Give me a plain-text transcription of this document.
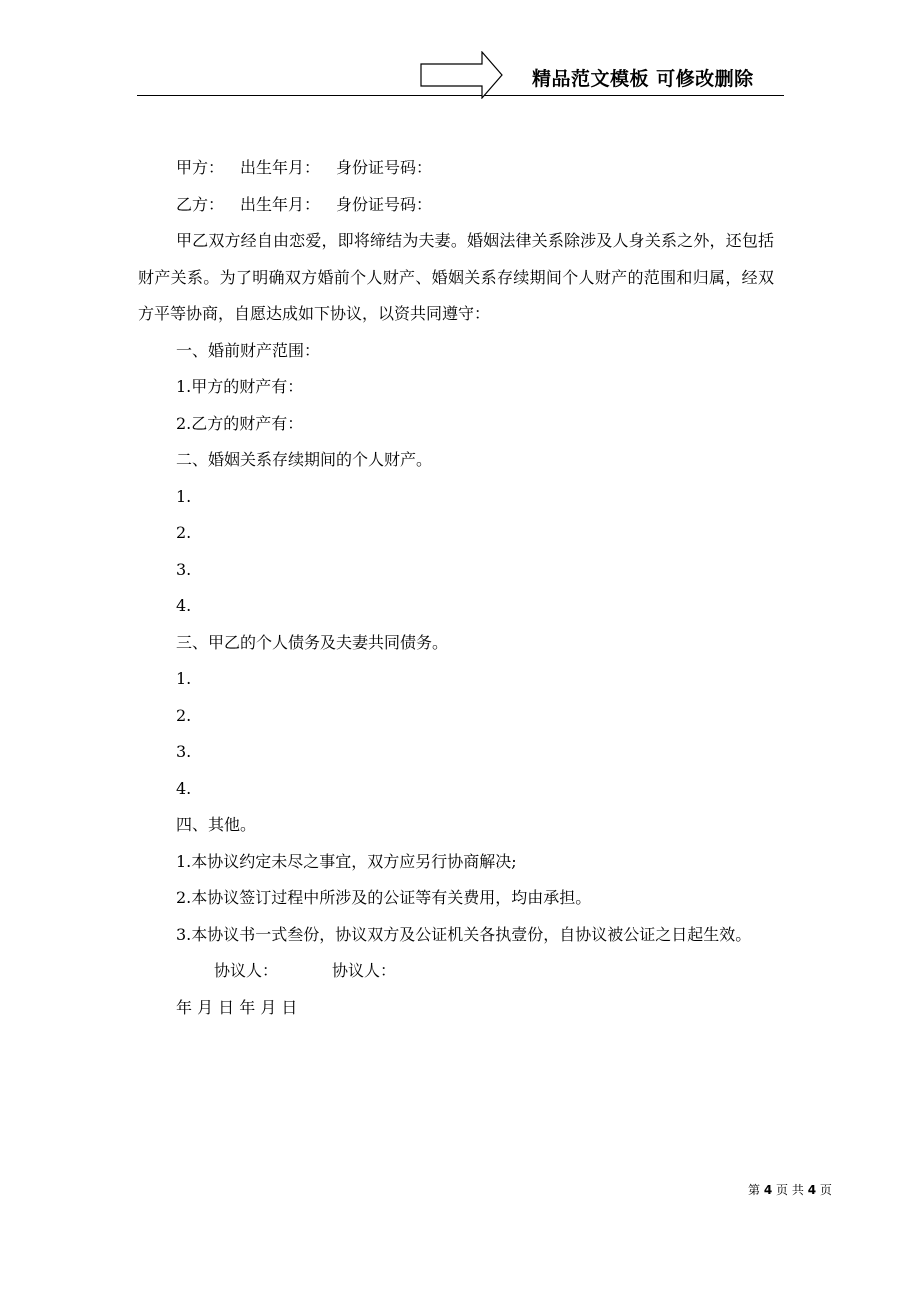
精品范文模板 可修改删除

甲方： 出生年月： 身份证号码：

乙方： 出生年月： 身份证号码：

甲乙双方经自由恋爱，即将缔结为夫妻。婚姻法律关系除涉及人身关系之外，还包括财产关系。为了明确双方婚前个人财产、婚姻关系存续期间个人财产的范围和归属，经双方平等协商，自愿达成如下协议，以资共同遵守：

一、婚前财产范围：

1.甲方的财产有：

2.乙方的财产有：

二、婚姻关系存续期间的个人财产。

1.

2.

3.

4.

三、甲乙的个人债务及夫妻共同债务。

1.

2.

3.

4.

四、其他。

1.本协议约定未尽之事宜，双方应另行协商解决;

2.本协议签订过程中所涉及的公证等有关费用，均由承担。

3.本协议书一式叁份，协议双方及公证机关各执壹份，自协议被公证之日起生效。

协议人：	协议人：

年 月 日 年 月 日

第 4 页 共 4 页
